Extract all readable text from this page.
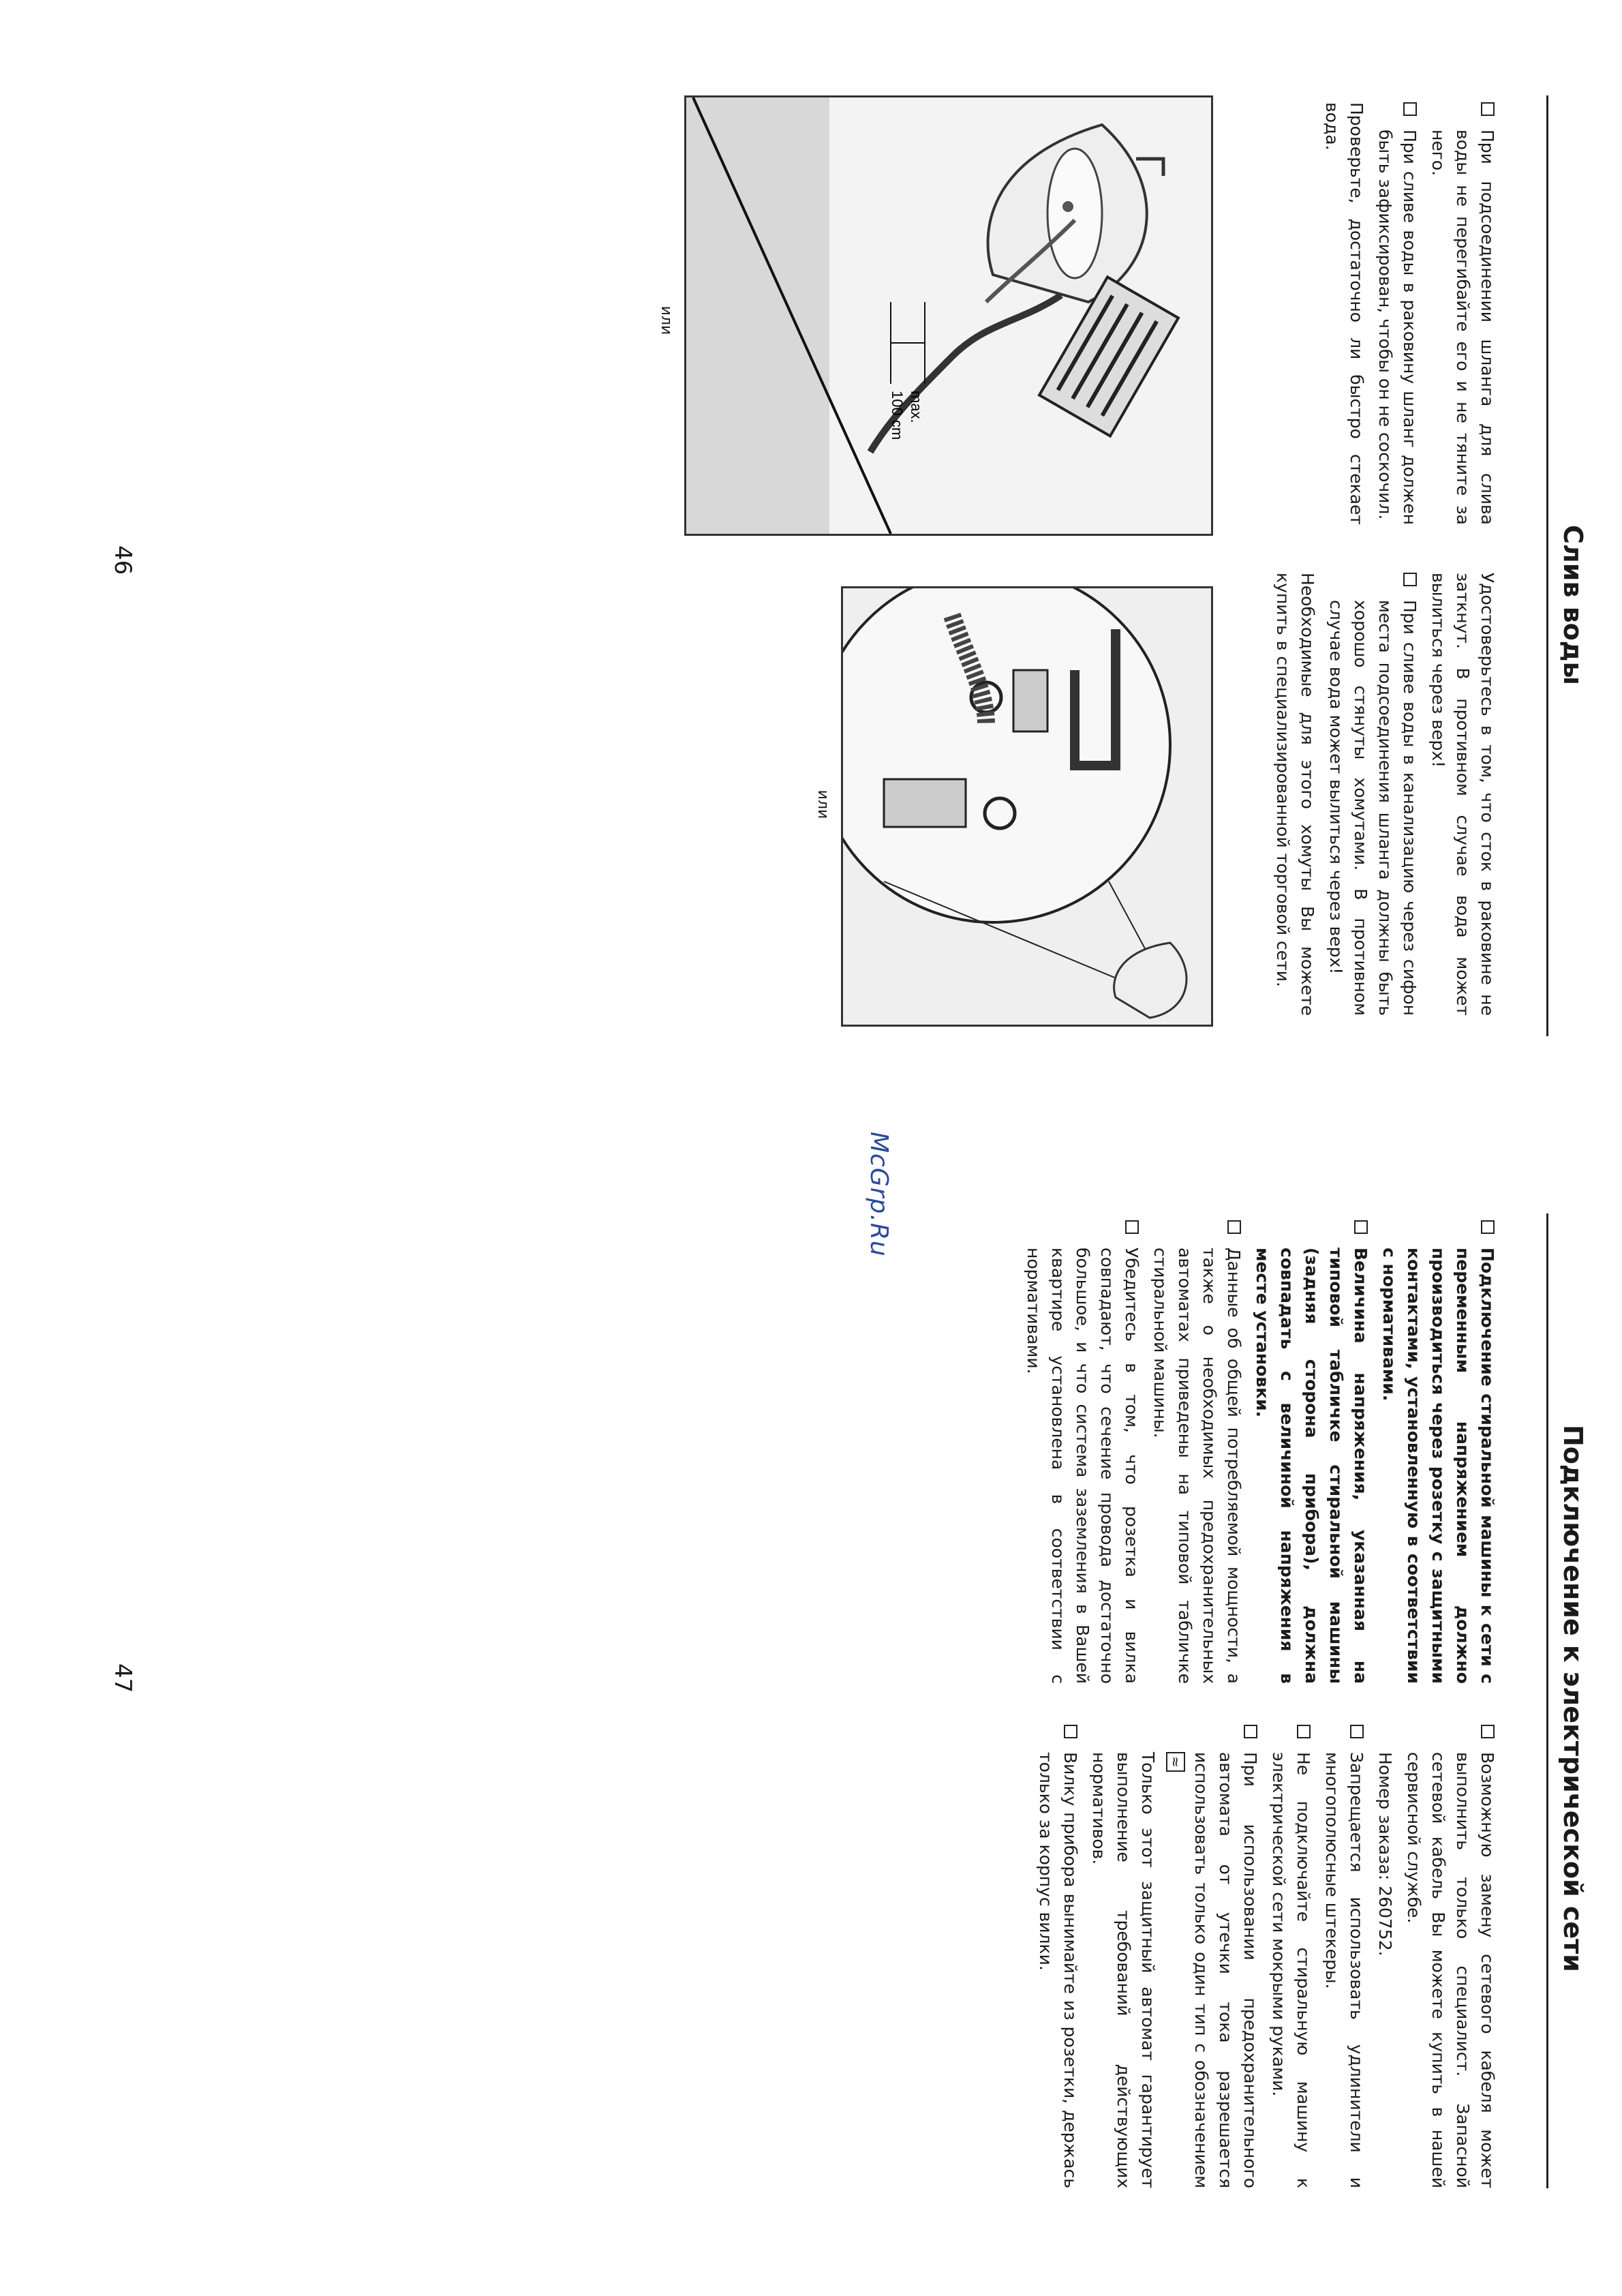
Слив воды

При подсоединении шланга для слива воды не перегибайте его и не тяните за него.

При сливе воды в раковину шланг должен быть зафиксирован, чтобы он не соскочил.

Проверьте, достаточно ли быстро стекает вода.

Удостоверьтесь в том, что сток в раковине не заткнут. В противном случае вода может вылиться через верх!

При сливе воды в канализацию через сифон места подсоединения шланга должны быть хорошо стянуты хомутами. В противном случае вода может вылиться через верх!

Необходимые для этого хомуты Вы можете купить в специализированной торговой сети.

max.
100 cm
или
или
46
McGrp.Ru
Подключение к электрической сети

Подключение стиральной машины к сети с переменным напряжением должно производиться через розетку с защитными контактами, установленную в соответствии с нормативами.

Величина напряжения, указанная на типовой табличке стиральной машины (задняя сторона прибора), должна совпадать с величиной напряжения в месте установки.

Данные об общей потребляемой мощности, а также о необходимых предохранительных автоматах приведены на типовой табличке стиральной машины.

Убедитесь в том, что розетка и вилка совпадают, что сечение провода достаточно большое, и что система заземления в Вашей квартире установлена в соответствии с нормативами.

Возможную замену сетевого кабеля может выполнить только специалист. Запасной сетевой кабель Вы можете купить в нашей сервисной службе.

Номер заказа: 260752.

Запрещается использовать удлинители и многополюсные штекеры.

Не подключайте стиральную машину к электрической сети мокрыми руками.

При использовании предохранительного автомата от утечки тока разрешается использовать только один тип с обозначением ≈

Только этот защитный автомат гарантирует выполнение требований действующих нормативов.

Вилку прибора вынимайте из розетки, держась только за корпус вилки.

47
